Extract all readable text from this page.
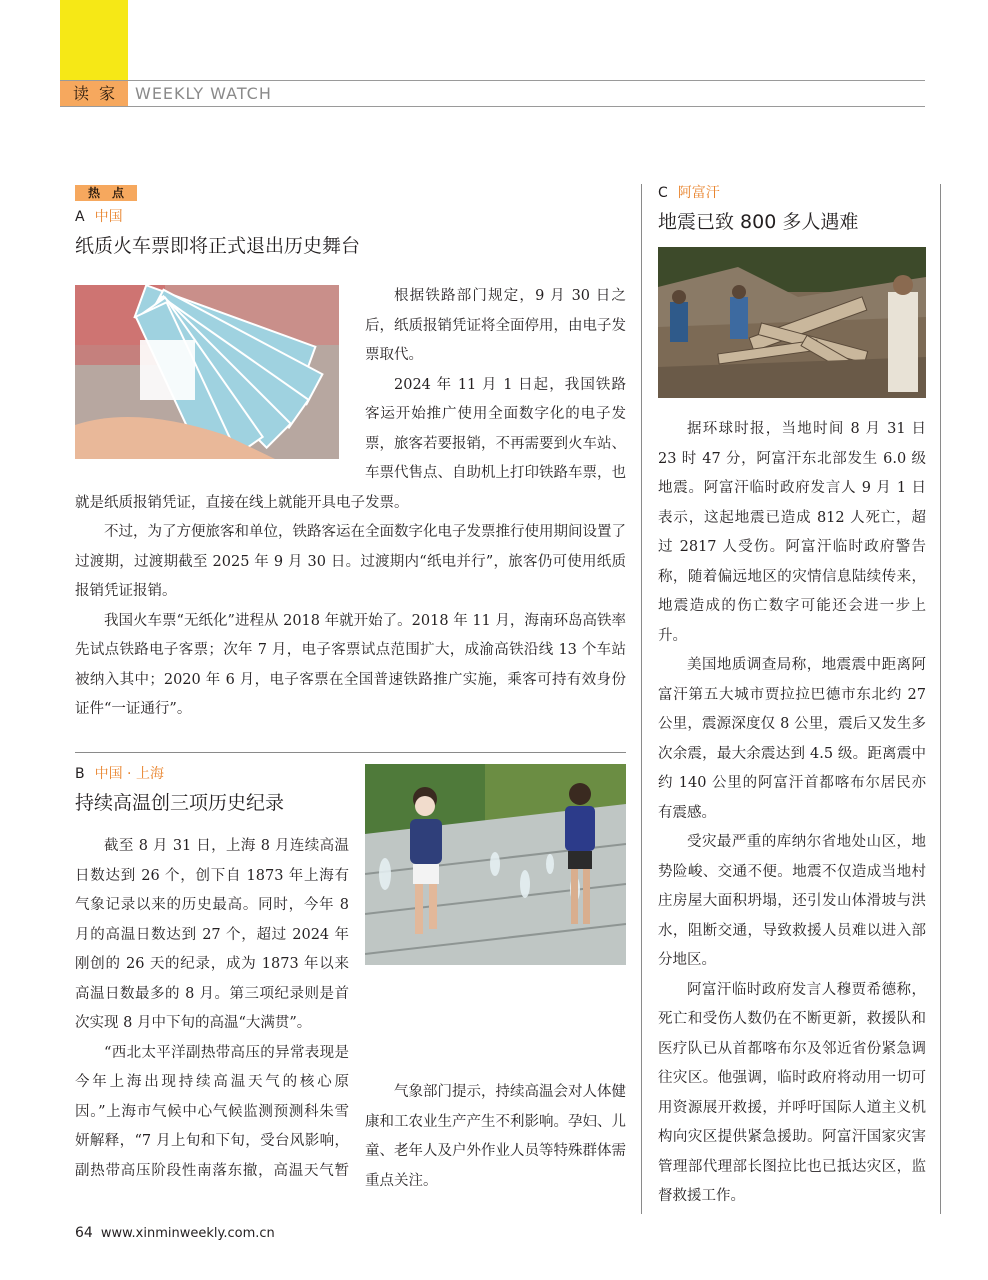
读家 WEEKLY WATCH
热点
A 中国
纸质火车票即将正式退出历史舞台

根据铁路部门规定，9 月 30 日之后，纸质报销凭证将全面停用，由电子发票取代。

2024 年 11 月 1 日起，我国铁路客运开始推广使用全面数字化的电子发票，旅客若要报销，不再需要到火车站、车票代售点、自助机上打印铁路车票，也就是纸质报销凭证，直接在线上就能开具电子发票。

不过，为了方便旅客和单位，铁路客运在全面数字化电子发票推行使用期间设置了过渡期，过渡期截至 2025 年 9 月 30 日。过渡期内“纸电并行”，旅客仍可使用纸质报销凭证报销。

我国火车票“无纸化”进程从 2018 年就开始了。2018 年 11 月，海南环岛高铁率先试点铁路电子客票；次年 7 月，电子客票试点范围扩大，成渝高铁沿线 13 个车站被纳入其中；2020 年 6 月，电子客票在全国普速铁路推广实施，乘客可持有效身份证件“一证通行”。

B 中国 · 上海
持续高温创三项历史纪录

截至 8 月 31 日，上海 8 月连续高温日数达到 26 个，创下自 1873 年上海有气象记录以来的历史最高。同时，今年 8 月的高温日数达到 27 个，超过 2024 年刚创的 26 天的纪录，成为 1873 年以来高温日数最多的 8 月。第三项纪录则是首次实现 8 月中下旬的高温“大满贯”。

“西北太平洋副热带高压的异常表现是今年上海出现持续高温天气的核心原因。”上海市气候中心气候监测预测科朱雪妍解释，“7 月上旬和下旬，受台风影响，副热带高压阶段性南落东撤，高温天气暂

气象部门提示，持续高温会对人体健康和工农业生产产生不利影响。孕妇、儿童、老年人及户外作业人员等特殊群体需重点关注。

C 阿富汗
地震已致 800 多人遇难

据环球时报，当地时间 8 月 31 日 23 时 47 分，阿富汗东北部发生 6.0 级地震。阿富汗临时政府发言人 9 月 1 日表示，这起地震已造成 812 人死亡，超过 2817 人受伤。阿富汗临时政府警告称，随着偏远地区的灾情信息陆续传来，地震造成的伤亡数字可能还会进一步上升。

美国地质调查局称，地震震中距离阿富汗第五大城市贾拉拉巴德市东北约 27 公里，震源深度仅 8 公里，震后又发生多次余震，最大余震达到 4.5 级。距离震中约 140 公里的阿富汗首都喀布尔居民亦有震感。

受灾最严重的库纳尔省地处山区，地势险峻、交通不便。地震不仅造成当地村庄房屋大面积坍塌，还引发山体滑坡与洪水，阻断交通，导致救援人员难以进入部分地区。

阿富汗临时政府发言人穆贾希德称，死亡和受伤人数仍在不断更新，救援队和医疗队已从首都喀布尔及邻近省份紧急调往灾区。他强调，临时政府将动用一切可用资源展开救援，并呼吁国际人道主义机构向灾区提供紧急援助。阿富汗国家灾害管理部代理部长图拉比也已抵达灾区，监督救援工作。

64 www.xinminweekly.com.cn
